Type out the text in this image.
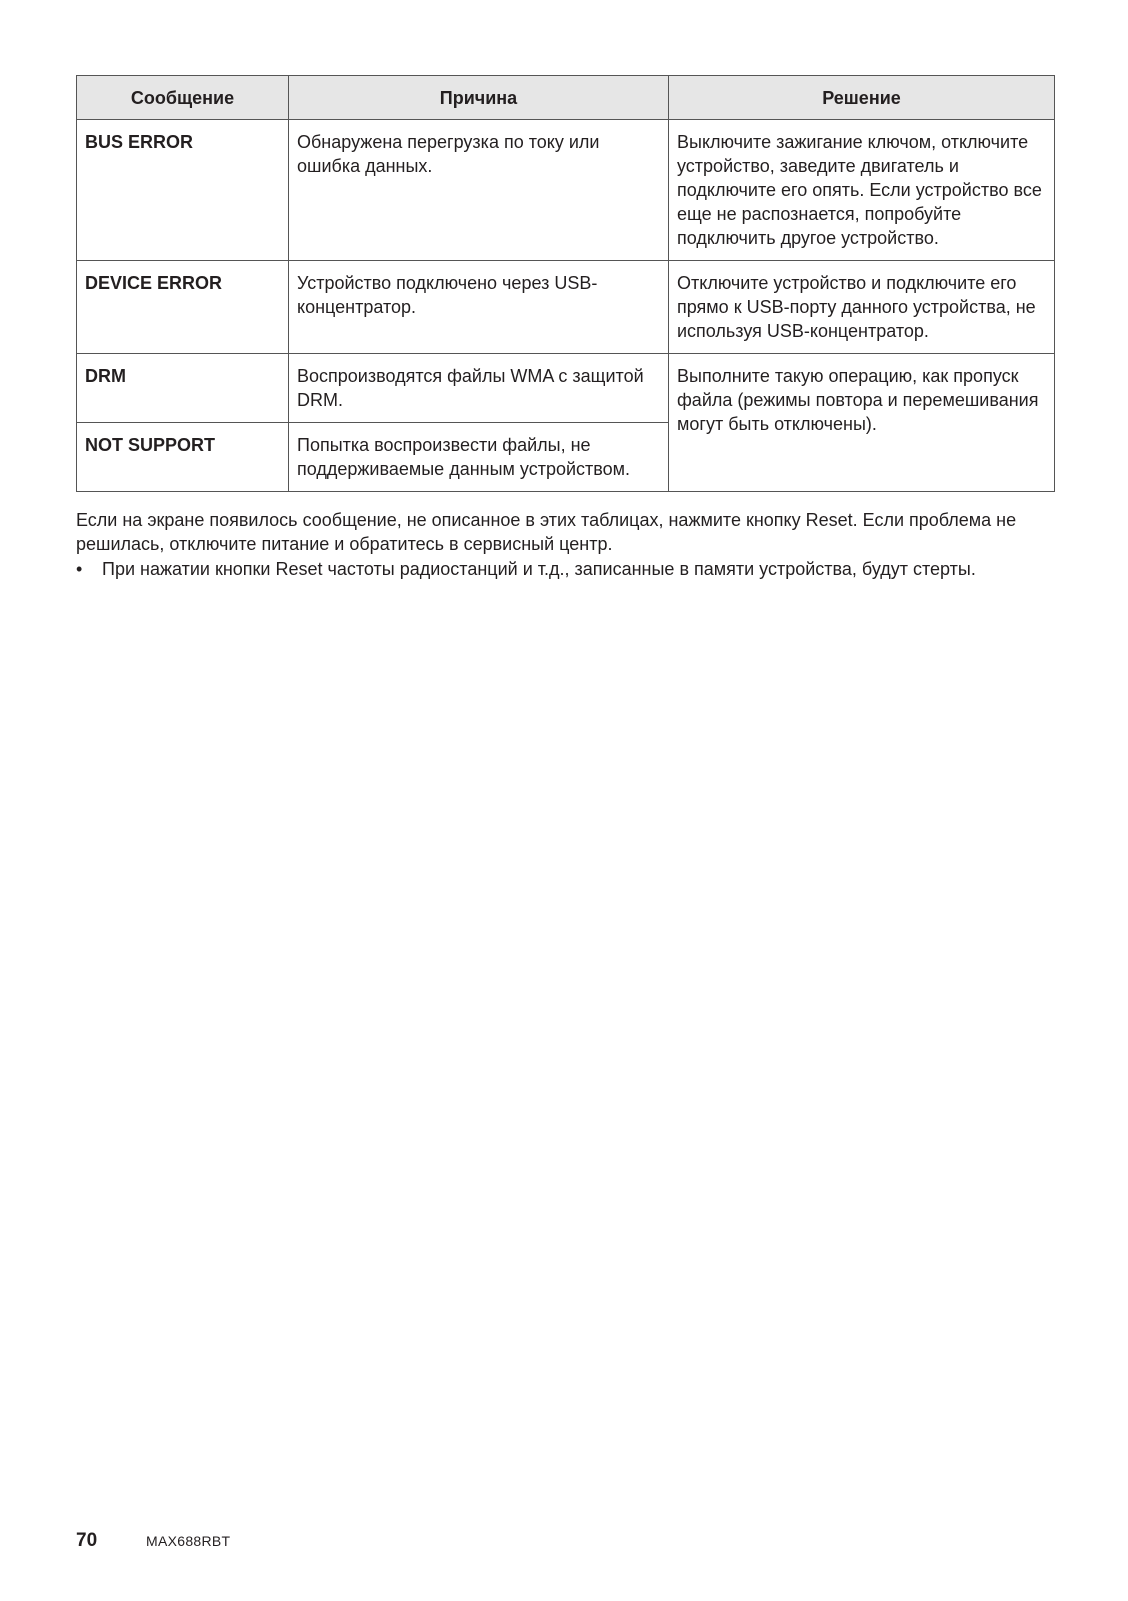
Сообщение	Причина	Решение
BUS ERROR	Обнаружена перегрузка по току или ошибка данных.	Выключите зажигание ключом, отключите устройство, заведите двигатель и подключите его опять. Если устройство все еще не распознается, попробуйте подключить другое устройство.
DEVICE ERROR	Устройство подключено через USB-концентратор.	Отключите устройство и подключите его прямо к USB-порту данного устройства, не используя USB-концентратор.
DRM	Воспроизводятся файлы WMA с защитой DRM.	Выполните такую операцию, как пропуск файла (режимы повтора и перемешивания могут быть отключены).
NOT SUPPORT	Попытка воспроизвести файлы, не поддерживаемые данным устройством.	

Если на экране появилось сообщение, не описанное в этих таблицах, нажмите кнопку Reset. Если проблема не решилась, отключите питание и обратитесь в сервисный центр.

•	При нажатии кнопки Reset частоты радиостанций и т.д., записанные в памяти устройства, будут стерты.
70	MAX688RBT
